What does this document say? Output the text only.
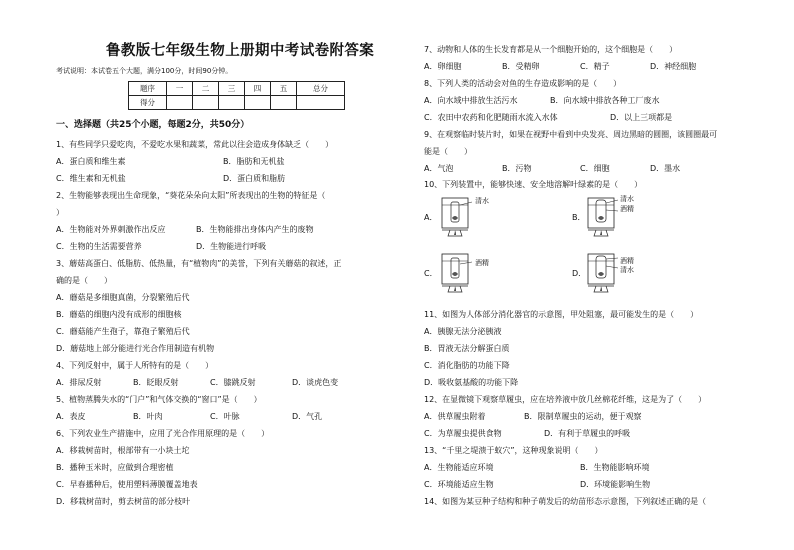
鲁教版七年级生物上册期中考试卷附答案
考试说明：本试卷五个大题，满分100分，时间90分钟。
题序	一	二	三	四	五	总分
得分						
一、选择题（共25个小题，每题2分，共50分）
1、有些同学只爱吃肉，不爱吃水果和蔬菜，常此以往会造成身体缺乏（　　）
A．蛋白质和维生素	B．脂肪和无机盐
C．维生素和无机盐	D．蛋白质和脂肪
2、生物能够表现出生命现象，“葵花朵朵向太阳”所表现出的生物的特征是（
）
A．生物能对外界刺激作出反应
C．生物的生活需要营养
B．生物能排出身体内产生的废物
D．生物能进行呼吸
3、蘑菇高蛋白、低脂肪、低热量，有“植物肉”的美誉，下列有关蘑菇的叙述，正
确的是（　　）
A．蘑菇是多细胞真菌，分裂繁殖后代
B．蘑菇的细胞内没有成形的细胞核
C．蘑菇能产生孢子，靠孢子繁殖后代
D．蘑菇地上部分能进行光合作用制造有机物
4、下列反射中，属于人所特有的是（　　）
A．排尿反射	B．眨眼反射	C．膝跳反射	D．谈虎色变
5、植物蒸腾失水的“门户”和气体交换的“窗口”是（　　）
A．表皮	B．叶肉	C．叶脉	D．气孔
6、下列农业生产措施中，应用了光合作用原理的是（　　）
A．移栽树苗时，根部带有一小块土坨
B．播种玉米时，应做到合理密植
C．早春播种后，使用塑料薄膜覆盖地表
D．移栽树苗时，剪去树苗的部分枝叶
7、动物和人体的生长发育都是从一个细胞开始的，这个细胞是（　　）
A．卵细胞	B．受精卵	C．精子	D．神经细胞
8、下列人类的活动会对鱼的生存造成影响的是（　　）
A．向水域中排放生活污水	B．向水域中排放各种工厂废水
C．农田中农药和化肥随雨水流入水体	D．以上三项都是
9、在观察临时装片时，如果在视野中看到中央发亮、周边黑暗的圆圈，该圆圈最可
能是（　　）
A．气泡	B．污物	C．细胞	D．墨水
10、下列装置中，能够快速、安全地溶解叶绿素的是（　　）
A．
清水
B．
清水
酒精
C．
酒精
D．
酒精
清水
11、如图为人体部分消化器官的示意图，甲处阻塞，最可能发生的是（　　）
A．胰腺无法分泌胰液
B．胃液无法分解蛋白质
C．消化脂肪的功能下降
D．吸收氨基酸的功能下降
12、在显微镜下观察草履虫，应在培养液中放几丝棉花纤维，这是为了（　　）
A．供草履虫附着	B．限制草履虫的运动，便于观察
C．为草履虫提供食物	D．有利于草履虫的呼吸
13、“千里之堤溃于蚁穴”，这种现象说明（　　）
A．生物能适应环境	B．生物能影响环境
C．环境能适应生物	D．环境能影响生物
14、如图为某豆种子结构和种子萌发后的幼苗形态示意图，下列叙述正确的是（
